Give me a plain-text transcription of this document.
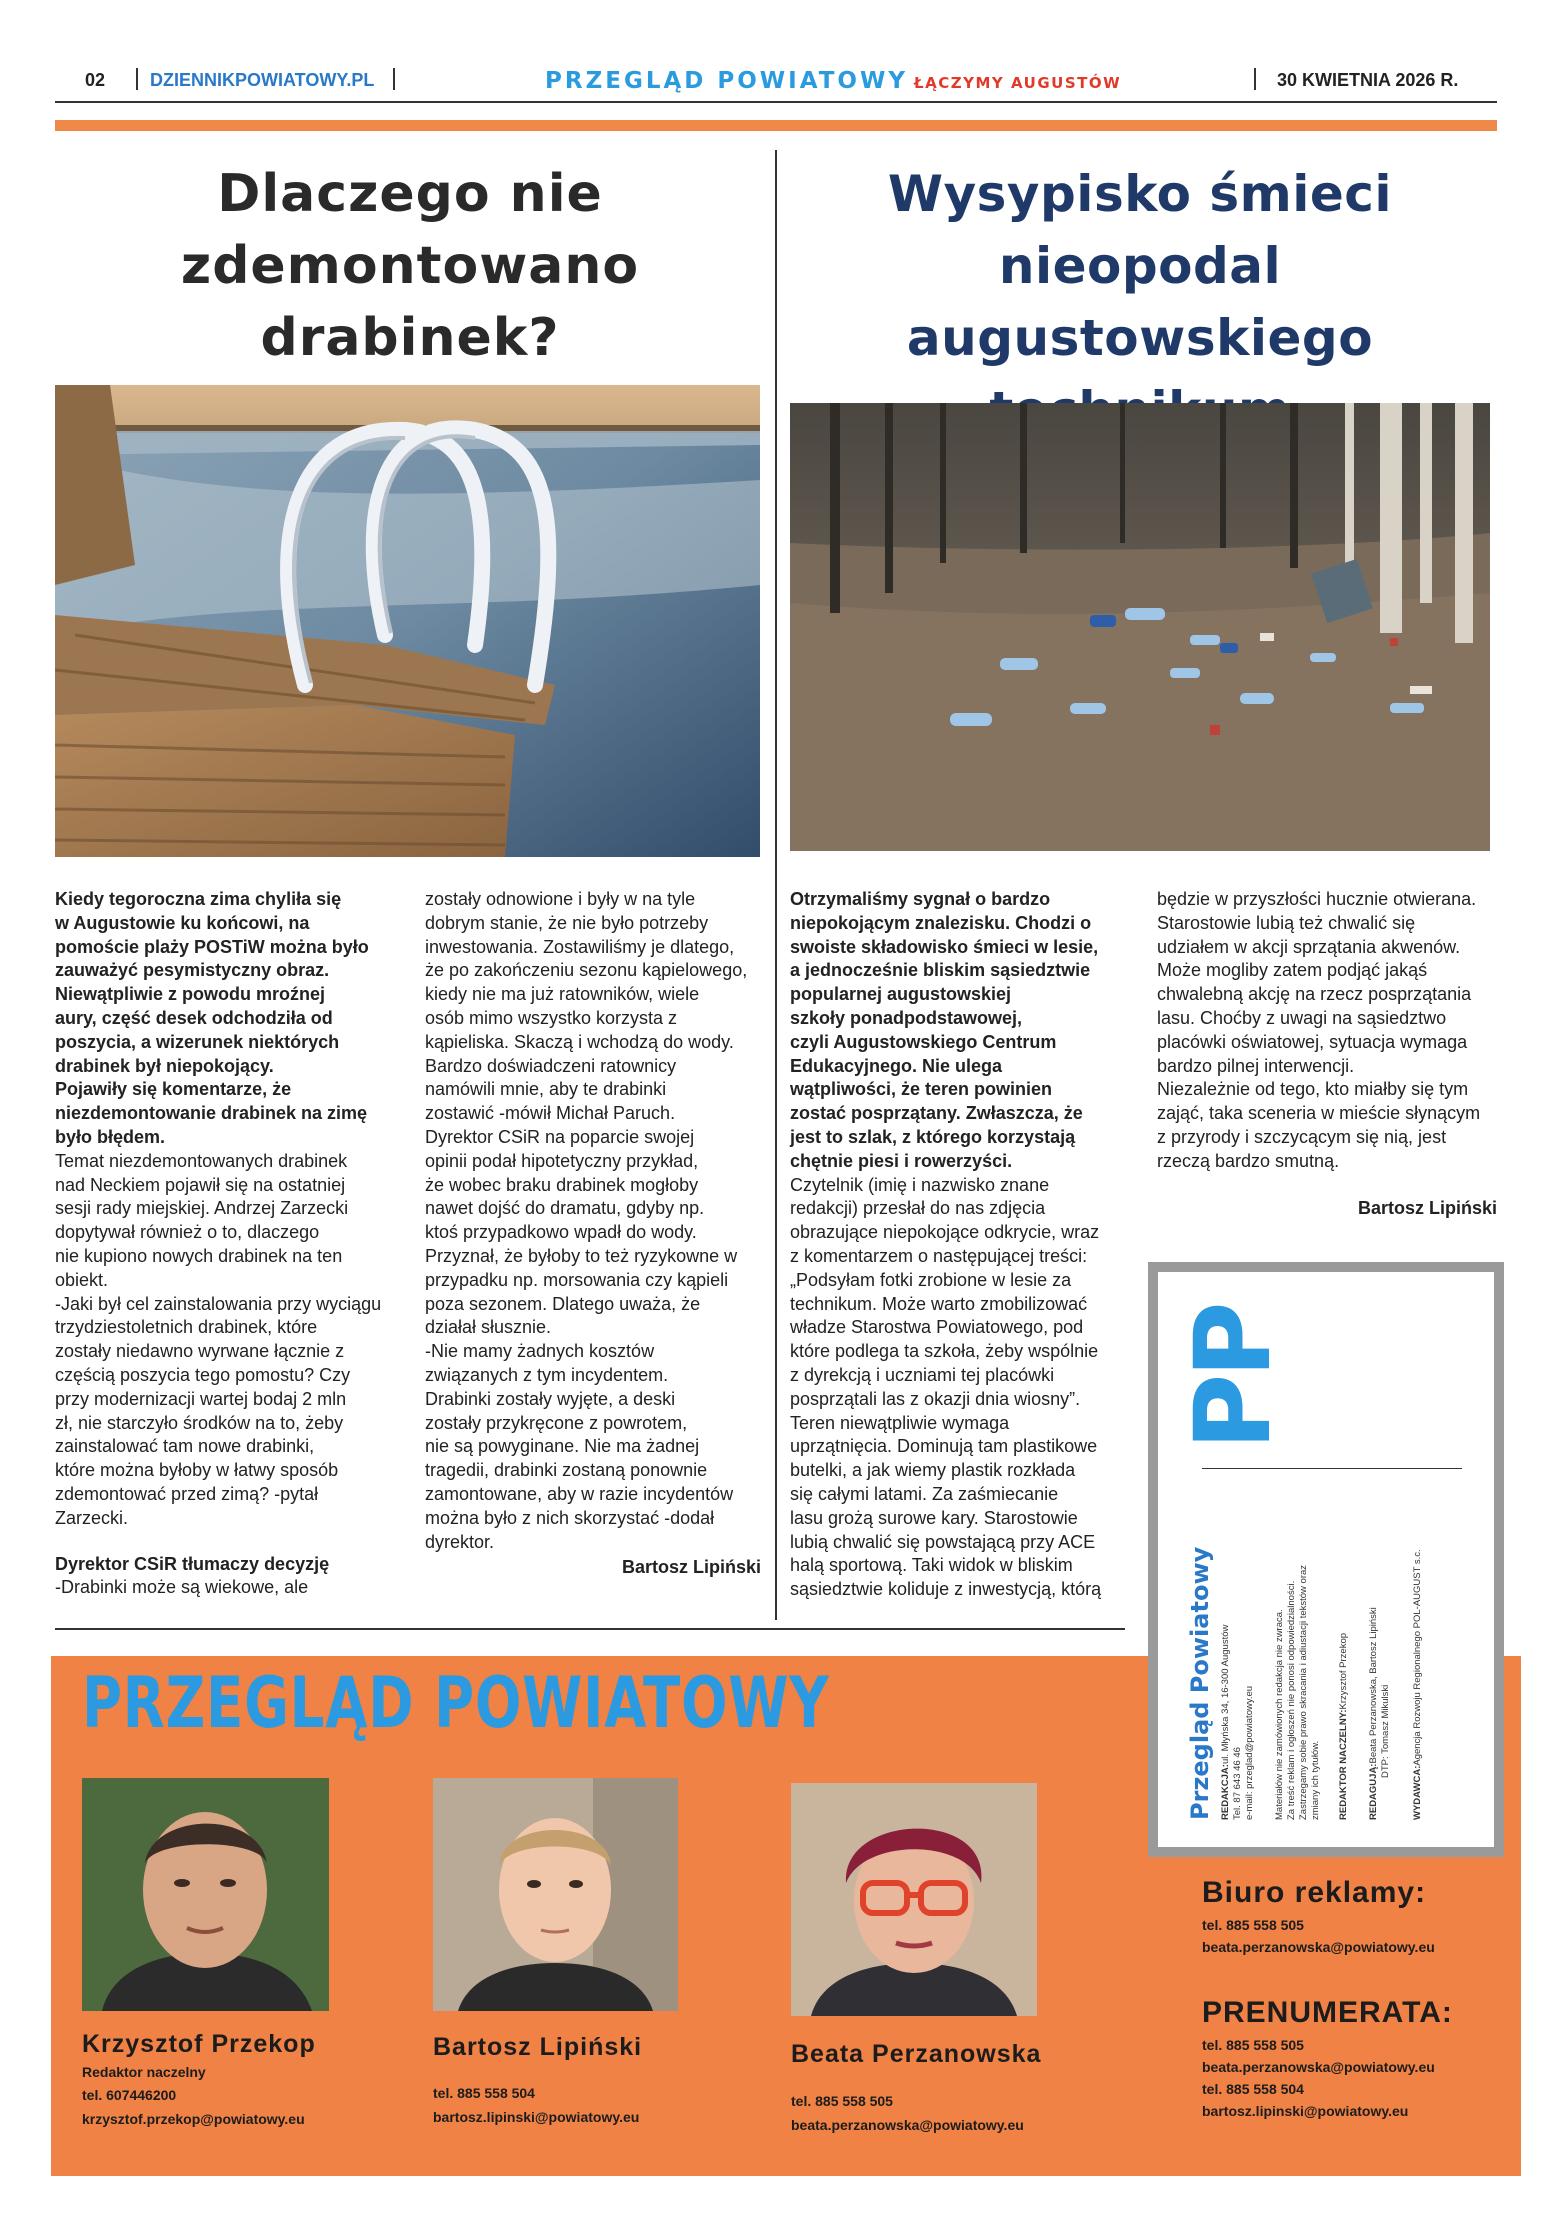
02 DZIENNIKPOWIATOWY.PL	PRZEGLĄD POWIATOWY ŁĄCZYMY AUGUSTÓW	30 KWIETNIA 2026 R.
Dlaczego nie
zdemontowano
drabinek?
Wysypisko śmieci
nieopodal augustowskiego

Kiedy tegoroczna zima chyliła się

w Augustowie ku końcowi, na

pomoście plaży POSTiW można było

zauważyć pesymistyczny obraz.

Niewątpliwie z powodu mroźnej

aury, część desek odchodziła od

poszycia, a wizerunek niektórych

drabinek był niepokojący.

Pojawiły się komentarze, że

niezdemontowanie drabinek na zimę

było błędem.

Temat niezdemontowanych drabinek

nad Neckiem pojawił się na ostatniej

sesji rady miejskiej. Andrzej Zarzecki

dopytywał również o to, dlaczego

nie kupiono nowych drabinek na ten

obiekt.

-Jaki był cel zainstalowania przy wyciągu

trzydziestoletnich drabinek, które

zostały niedawno wyrwane łącznie z

częścią poszycia tego pomostu? Czy

przy modernizacji wartej bodaj 2 mln

zł, nie starczyło środków na to, żeby

zainstalować tam nowe drabinki,

które można byłoby w łatwy sposób

zdemontować przed zimą? -pytał

Zarzecki.

Dyrektor CSiR tłumaczy decyzję

-Drabinki może są wiekowe, ale

zostały odnowione i były w na tyle

dobrym stanie, że nie było potrzeby

inwestowania. Zostawiliśmy je dlatego,

że po zakończeniu sezonu kąpielowego,

kiedy nie ma już ratowników, wiele

osób mimo wszystko korzysta z

kąpieliska. Skaczą i wchodzą do wody.

Bardzo doświadczeni ratownicy

namówili mnie, aby te drabinki

zostawić -mówił Michał Paruch.

Dyrektor CSiR na poparcie swojej

opinii podał hipotetyczny przykład,

że wobec braku drabinek mogłoby

nawet dojść do dramatu, gdyby np.

ktoś przypadkowo wpadł do wody.

Przyznał, że byłoby to też ryzykowne w

przypadku np. morsowania czy kąpieli

poza sezonem. Dlatego uważa, że

działał słusznie.

-Nie mamy żadnych kosztów

związanych z tym incydentem.

Drabinki zostały wyjęte, a deski

zostały przykręcone z powrotem,

nie są powyginane. Nie ma żadnej

tragedii, drabinki zostaną ponownie

zamontowane, aby w razie incydentów

można było z nich skorzystać -dodał

dyrektor.

Bartosz Lipiński

Otrzymaliśmy sygnał o bardzo

niepokojącym znalezisku. Chodzi o

swoiste składowisko śmieci w lesie,

a jednocześnie bliskim sąsiedztwie

popularnej augustowskiej

szkoły ponadpodstawowej,

czyli Augustowskiego Centrum

Edukacyjnego. Nie ulega

wątpliwości, że teren powinien

zostać posprzątany. Zwłaszcza, że

jest to szlak, z którego korzystają

chętnie piesi i rowerzyści.

Czytelnik (imię i nazwisko znane

redakcji) przesłał do nas zdjęcia

obrazujące niepokojące odkrycie, wraz

z komentarzem o następującej treści:

„Podsyłam fotki zrobione w lesie za

technikum. Może warto zmobilizować

władze Starostwa Powiatowego, pod

które podlega ta szkoła, żeby wspólnie

z dyrekcją i uczniami tej placówki

posprzątali las z okazji dnia wiosny”.

Teren niewątpliwie wymaga

uprzątnięcia. Dominują tam plastikowe

butelki, a jak wiemy plastik rozkłada

się całymi latami. Za zaśmiecanie

lasu grożą surowe kary. Starostowie

lubią chwalić się powstającą przy ACE

halą sportową. Taki widok w bliskim

sąsiedztwie koliduje z inwestycją, którą

będzie w przyszłości hucznie otwierana.

Starostowie lubią też chwalić się

udziałem w akcji sprzątania akwenów.

Może mogliby zatem podjąć jakąś

chwalebną akcję na rzecz posprzątania

lasu. Choćby z uwagi na sąsiedztwo

placówki oświatowej, sytuacja wymaga

bardzo pilnej interwencji.

Niezależnie od tego, kto miałby się tym

zająć, taka sceneria w mieście słynącym

z przyrody i szczycącym się nią, jest

rzeczą bardzo smutną.

Bartosz Lipiński
PRZEGLĄD POWIATOWY
Krzysztof Przekop
Redaktor naczelny
tel. 607446200
krzysztof.przekop@powiatowy.eu
Bartosz Lipiński
tel. 885 558 504
bartosz.lipinski@powiatowy.eu
Beata Perzanowska
tel. 885 558 505
beata.perzanowska@powiatowy.eu
Biuro reklamy:
tel. 885 558 505
beata.perzanowska@powiatowy.eu
PRENUMERATA:
tel. 885 558 505
beata.perzanowska@powiatowy.eu
tel. 885 558 504
bartosz.lipinski@powiatowy.eu
PP
Przegląd Powiatowy REDAKCJA:ul. Młyńska 34, 16-300 Augustów
Tel. 87 643 46 46 e-mail: przeglad@powiatowy.eu Materiałów nie zamówionych redakcja nie zwraca. Za treść reklam i ogłoszeń nie ponosi odpowiedzialności. Zastrzegamy sobie prawo skracania i adiustacji tekstów oraz zmiany ich tytułów. REDAKTOR NACZELNY:Krzysztof Przekop
REDAGUJĄ:Beata Perzanowska, Bartosz Lipiński DTP: Tomasz Mikulski
WYDAWCA:Agencja Rozwoju Regionalnego POL-AUGUST s.c.
